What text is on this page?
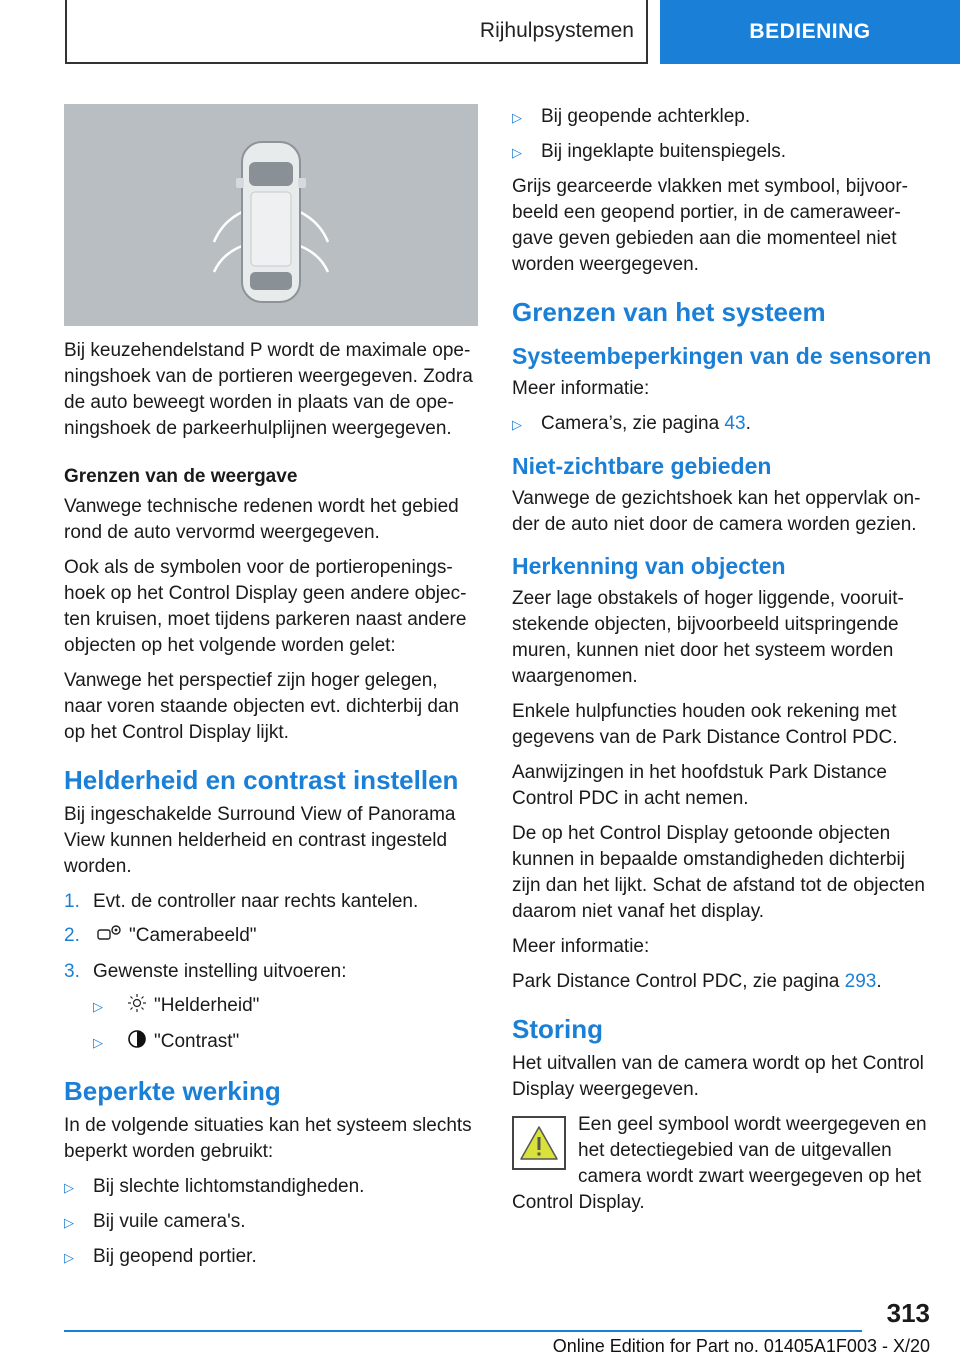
Rijhulpsystemen	BEDIENING

Bij keuzehendelstand P wordt de maximale ope-ningshoek van de portieren weergegeven. Zodra de auto beweegt worden in plaats van de ope-ningshoek de parkeerhulplijnen weergegeven.

Grenzen van de weergave

Vanwege technische redenen wordt het gebied rond de auto vervormd weergegeven.

Ook als de symbolen voor de portieropenings-hoek op het Control Display geen andere objec-ten kruisen, moet tijdens parkeren naast andere objecten op het volgende worden gelet:

Vanwege het perspectief zijn hoger gelegen, naar voren staande objecten evt. dichterbij dan op het Control Display lijkt.

Helderheid en contrast instellen

Bij ingeschakelde Surround View of Panorama View kunnen helderheid en contrast ingesteld worden.

1. Evt. de controller naar rechts kantelen.
2.	"Camerabeeld"
3. Gewenste instelling uitvoeren:
▷	"Helderheid"
▷	"Contrast"
Beperkte werking

In de volgende situaties kan het systeem slechts beperkt worden gebruikt:

▷	Bij slechte lichtomstandigheden.
▷	Bij vuile camera's.
▷	Bij geopend portier.
▷	Bij geopende achterklep.
▷	Bij ingeklapte buitenspiegels.

Grijs gearceerde vlakken met symbool, bijvoor-beeld een geopend portier, in de cameraweer-gave geven gebieden aan die momenteel niet worden weergegeven.

Grenzen van het systeem
Systeembeperkingen van de sensoren

Meer informatie:

▷	Camera’s, zie pagina 43.
Niet-zichtbare gebieden

Vanwege de gezichtshoek kan het oppervlak on-der de auto niet door de camera worden gezien.

Herkenning van objecten

Zeer lage obstakels of hoger liggende, vooruit-stekende objecten, bijvoorbeeld uitspringende muren, kunnen niet door het systeem worden waargenomen.

Enkele hulpfuncties houden ook rekening met gegevens van de Park Distance Control PDC.

Aanwijzingen in het hoofdstuk Park Distance Control PDC in acht nemen.

De op het Control Display getoonde objecten kunnen in bepaalde omstandigheden dichterbij zijn dan het lijkt. Schat de afstand tot de objecten daarom niet vanaf het display.

Meer informatie:

Park Distance Control PDC, zie pagina 293.

Storing

Het uitvallen van de camera wordt op het Control Display weergegeven.

Een geel symbool wordt weergegeven en het detectiegebied van de uitgevallen camera wordt zwart weergegeven op het

Control Display.

313
Online Edition for Part no. 01405A1F003 - X/20
